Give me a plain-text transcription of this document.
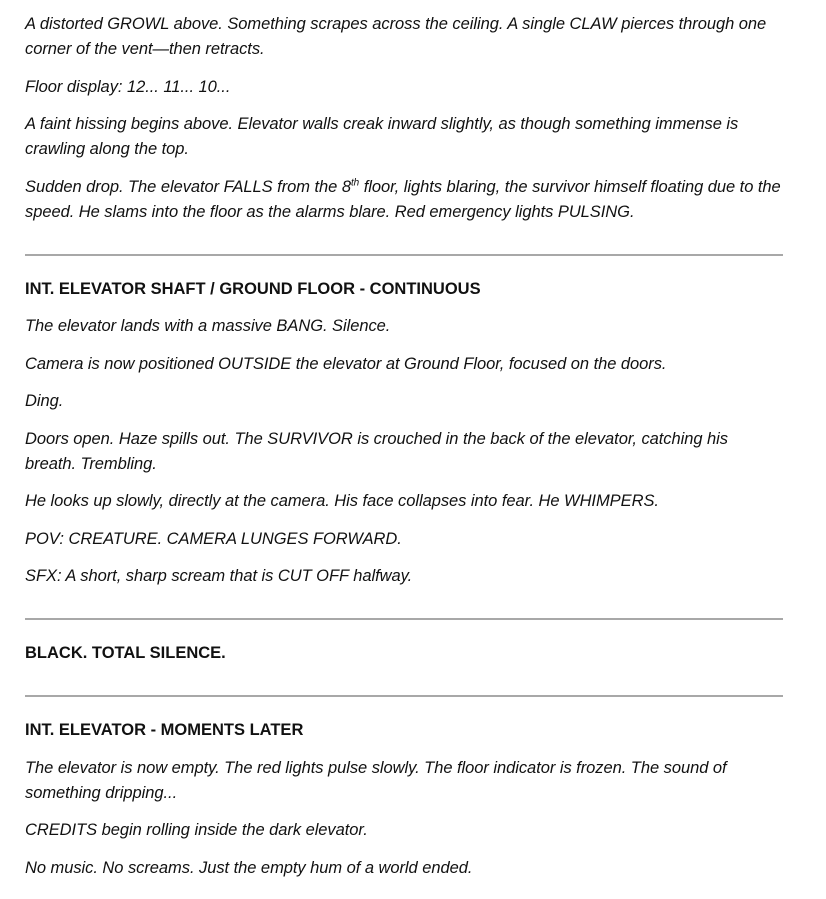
A distorted GROWL above. Something scrapes across the ceiling. A single CLAW pierces through one corner of the vent—then retracts.

Floor display: 12... 11... 10...

A faint hissing begins above. Elevator walls creak inward slightly, as though something immense is crawling along the top.

Sudden drop. The elevator FALLS from the 8th floor, lights blaring, the survivor himself floating due to the speed. He slams into the floor as the alarms blare. Red emergency lights PULSING.

INT. ELEVATOR SHAFT / GROUND FLOOR - CONTINUOUS

The elevator lands with a massive BANG. Silence.

Camera is now positioned OUTSIDE the elevator at Ground Floor, focused on the doors.

Ding.

Doors open. Haze spills out. The SURVIVOR is crouched in the back of the elevator, catching his breath. Trembling.

He looks up slowly, directly at the camera. His face collapses into fear. He WHIMPERS.

POV: CREATURE. CAMERA LUNGES FORWARD.

SFX: A short, sharp scream that is CUT OFF halfway.

BLACK. TOTAL SILENCE.

INT. ELEVATOR - MOMENTS LATER

The elevator is now empty. The red lights pulse slowly. The floor indicator is frozen. The sound of something dripping...

CREDITS begin rolling inside the dark elevator.

No music. No screams. Just the empty hum of a world ended.
